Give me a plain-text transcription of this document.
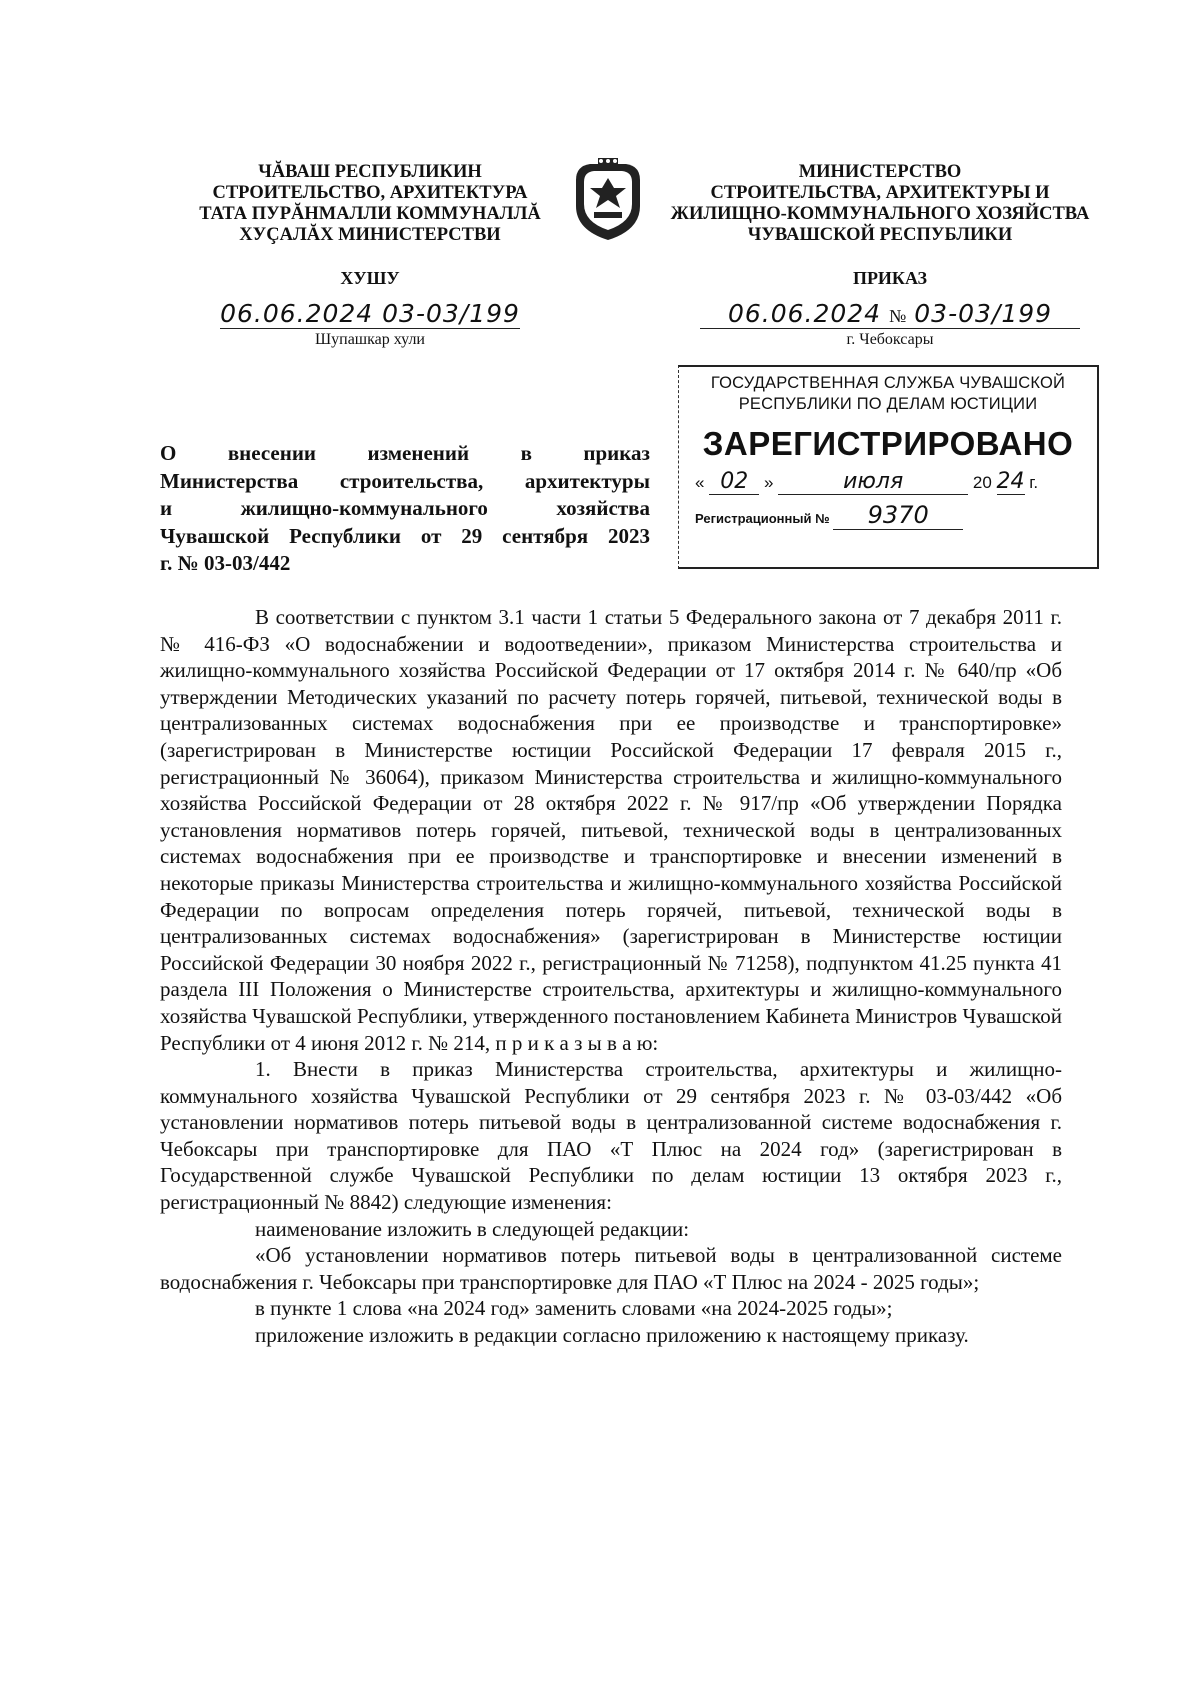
ЧĂВАШ РЕСПУБЛИКИН
СТРОИТЕЛЬСТВО, АРХИТЕКТУРА
ТАТА ПУРĂНМАЛЛИ КОММУНАЛЛĂ
ХУÇАЛĂХ МИНИСТЕРСТВИ
МИНИСТЕРСТВО
СТРОИТЕЛЬСТВА, АРХИТЕКТУРЫ И
ЖИЛИЩНО-КОММУНАЛЬНОГО ХОЗЯЙСТВА
ЧУВАШСКОЙ РЕСПУБЛИКИ
ХУШУ
06.06.2024 03-03/199
Шупашкар хули
ПРИКАЗ
06.06.2024 № 03-03/199
г. Чебоксары
ГОСУДАРСТВЕННАЯ СЛУЖБА ЧУВАШСКОЙ
РЕСПУБЛИКИ ПО ДЕЛАМ ЮСТИЦИИ
ЗАРЕГИСТРИРОВАНО
« 02 »	июля	20 24 г.
Регистрационный № 9370
О внесении изменений в приказ
Министерства строительства, архитектуры
и жилищно-коммунального хозяйства
Чувашской Республики от 29 сентября 2023
г. № 03-03/442

В соответствии с пунктом 3.1 части 1 статьи 5 Федерального закона от 7 декабря 2011 г. № 416-ФЗ «О водоснабжении и водоотведении», приказом Министерства строительства и жилищно-коммунального хозяйства Российской Федерации от 17 октября 2014 г. № 640/пр «Об утверждении Методических указаний по расчету потерь горячей, питьевой, технической воды в централизованных системах водоснабжения при ее производстве и транспортировке» (зарегистрирован в Министерстве юстиции Российской Федерации 17 февраля 2015 г., регистрационный № 36064), приказом Министерства строительства и жилищно-коммунального хозяйства Российской Федерации от 28 октября 2022 г. № 917/пр «Об утверждении Порядка установления нормативов потерь горячей, питьевой, технической воды в централизованных системах водоснабжения при ее производстве и транспортировке и внесении изменений в некоторые приказы Министерства строительства и жилищно-коммунального хозяйства Российской Федерации по вопросам определения потерь горячей, питьевой, технической воды в централизованных системах водоснабжения» (зарегистрирован в Министерстве юстиции Российской Федерации 30 ноября 2022 г., регистрационный № 71258), подпунктом 41.25 пункта 41 раздела III Положения о Министерстве строительства, архитектуры и жилищно-коммунального хозяйства Чувашской Республики, утвержденного постановлением Кабинета Министров Чувашской Республики от 4 июня 2012 г. № 214, п р и к а з ы в а ю:

1. Внести в приказ Министерства строительства, архитектуры и жилищно-коммунального хозяйства Чувашской Республики от 29 сентября 2023 г. № 03-03/442 «Об установлении нормативов потерь питьевой воды в централизованной системе водоснабжения г. Чебоксары при транспортировке для ПАО «Т Плюс на 2024 год» (зарегистрирован в Государственной службе Чувашской Республики по делам юстиции 13 октября 2023 г., регистрационный № 8842) следующие изменения:

наименование изложить в следующей редакции:

«Об установлении нормативов потерь питьевой воды в централизованной системе водоснабжения г. Чебоксары при транспортировке для ПАО «Т Плюс на 2024 - 2025 годы»;

в пункте 1 слова «на 2024 год» заменить словами «на 2024-2025 годы»;

приложение изложить в редакции согласно приложению к настоящему приказу.
